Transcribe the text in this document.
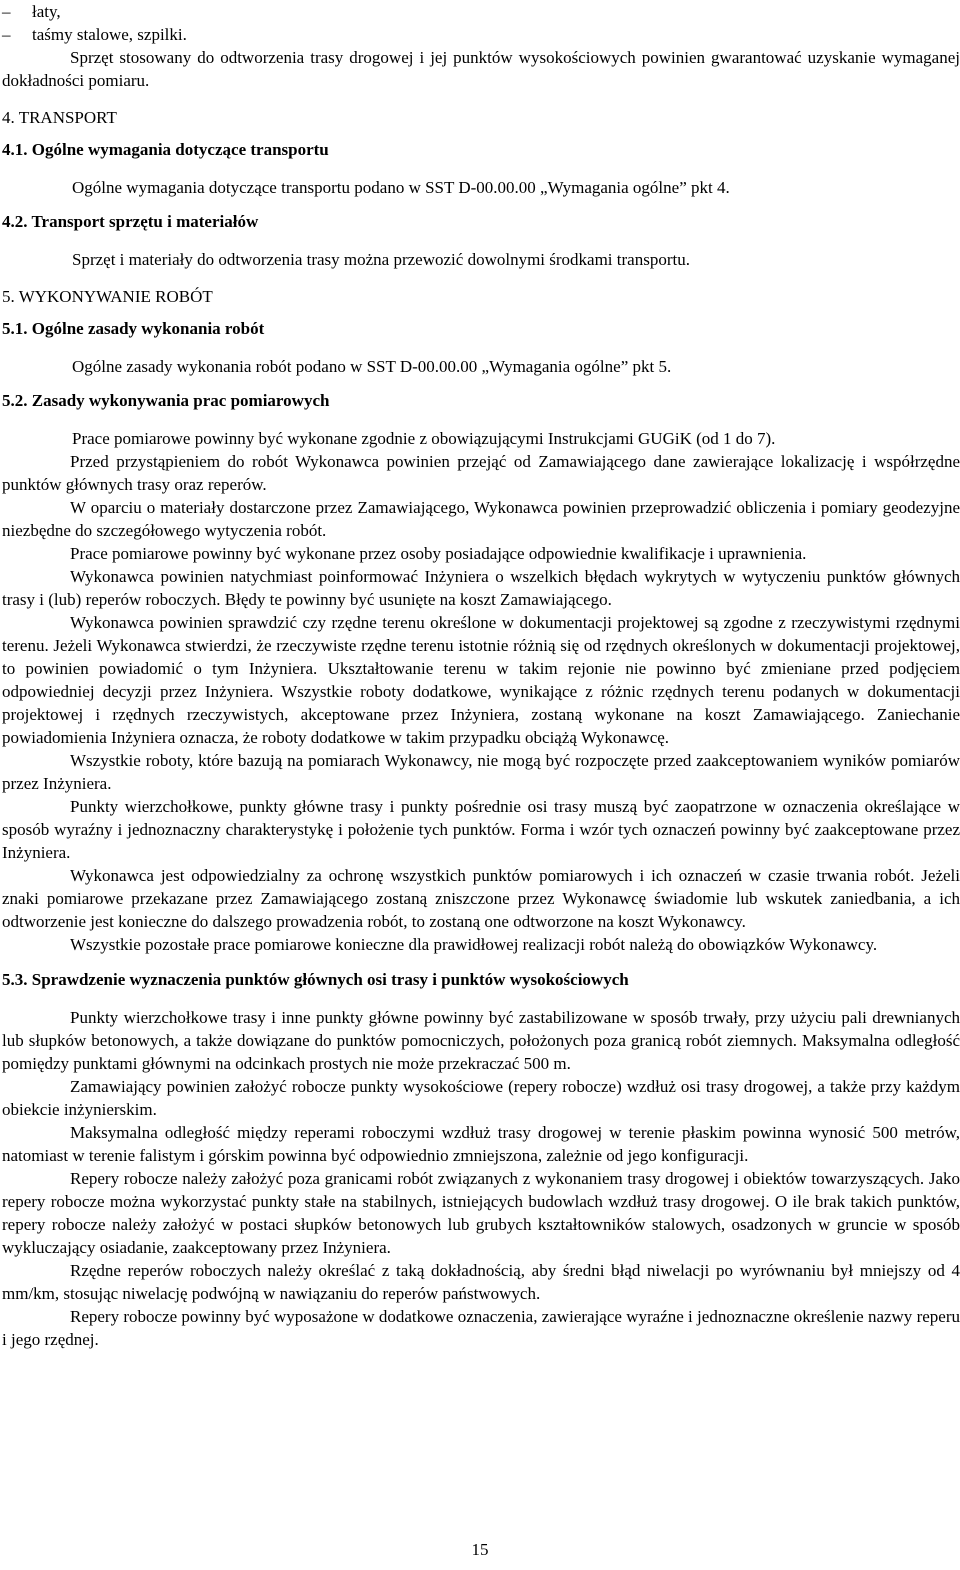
– łaty,
– taśmy stalowe, szpilki.

Sprzęt stosowany do odtworzenia trasy drogowej i jej punktów wysokościowych powinien gwarantować uzyskanie wymaganej dokładności pomiaru.

4. TRANSPORT
4.1. Ogólne wymagania dotyczące transportu
Ogólne wymagania dotyczące transportu podano w SST D-00.00.00 „Wymagania ogólne” pkt 4.
4.2. Transport sprzętu i materiałów
Sprzęt i materiały do odtworzenia trasy można przewozić dowolnymi środkami transportu.
5. WYKONYWANIE ROBÓT
5.1. Ogólne zasady wykonania robót
Ogólne zasady wykonania robót podano w SST D-00.00.00 „Wymagania ogólne” pkt 5.
5.2. Zasady wykonywania prac pomiarowych
Prace pomiarowe powinny być wykonane zgodnie z obowiązującymi Instrukcjami GUGiK (od 1 do 7).

Przed przystąpieniem do robót Wykonawca powinien przejąć od Zamawiającego dane zawierające lokalizację i współrzędne punktów głównych trasy oraz reperów.

W oparciu o materiały dostarczone przez Zamawiającego, Wykonawca powinien przeprowadzić obliczenia i pomiary geodezyjne niezbędne do szczegółowego wytyczenia robót.

Prace pomiarowe powinny być wykonane przez osoby posiadające odpowiednie kwalifikacje i uprawnienia.

Wykonawca powinien natychmiast poinformować Inżyniera o wszelkich błędach wykrytych w wytyczeniu punktów głównych trasy i (lub) reperów roboczych. Błędy te powinny być usunięte na koszt Zamawiającego.

Wykonawca powinien sprawdzić czy rzędne terenu określone w dokumentacji projektowej są zgodne z rzeczywistymi rzędnymi terenu. Jeżeli Wykonawca stwierdzi, że rzeczywiste rzędne terenu istotnie różnią się od rzędnych określonych w dokumentacji projektowej, to powinien powiadomić o tym Inżyniera. Ukształtowanie terenu w takim rejonie nie powinno być zmieniane przed podjęciem odpowiedniej decyzji przez Inżyniera. Wszystkie roboty dodatkowe, wynikające z różnic rzędnych terenu podanych w dokumentacji projektowej i rzędnych rzeczywistych, akceptowane przez Inżyniera, zostaną wykonane na koszt Zamawiającego. Zaniechanie powiadomienia Inżyniera oznacza, że roboty dodatkowe w takim przypadku obciążą Wykonawcę.

Wszystkie roboty, które bazują na pomiarach Wykonawcy, nie mogą być rozpoczęte przed zaakceptowaniem wyników pomiarów przez Inżyniera.

Punkty wierzchołkowe, punkty główne trasy i punkty pośrednie osi trasy muszą być zaopatrzone w oznaczenia określające w sposób wyraźny i jednoznaczny charakterystykę i położenie tych punktów. Forma i wzór tych oznaczeń powinny być zaakceptowane przez Inżyniera.

Wykonawca jest odpowiedzialny za ochronę wszystkich punktów pomiarowych i ich oznaczeń w czasie trwania robót. Jeżeli znaki pomiarowe przekazane przez Zamawiającego zostaną zniszczone przez Wykonawcę świadomie lub wskutek zaniedbania, a ich odtworzenie jest konieczne do dalszego prowadzenia robót, to zostaną one odtworzone na koszt Wykonawcy.

Wszystkie pozostałe prace pomiarowe konieczne dla prawidłowej realizacji robót należą do obowiązków Wykonawcy.

5.3. Sprawdzenie wyznaczenia punktów głównych osi trasy i punktów wysokościowych

Punkty wierzchołkowe trasy i inne punkty główne powinny być zastabilizowane w sposób trwały, przy użyciu pali drewnianych lub słupków betonowych, a także dowiązane do punktów pomocniczych, położonych poza granicą robót ziemnych. Maksymalna odległość pomiędzy punktami głównymi na odcinkach prostych nie może przekraczać 500 m.

Zamawiający powinien założyć robocze punkty wysokościowe (repery robocze) wzdłuż osi trasy drogowej, a także przy każdym obiekcie inżynierskim.

Maksymalna odległość między reperami roboczymi wzdłuż trasy drogowej w terenie płaskim powinna wynosić 500 metrów, natomiast w terenie falistym i górskim powinna być odpowiednio zmniejszona, zależnie od jego konfiguracji.

Repery robocze należy założyć poza granicami robót związanych z wykonaniem trasy drogowej i obiektów towarzyszących. Jako repery robocze można wykorzystać punkty stałe na stabilnych, istniejących budowlach wzdłuż trasy drogowej. O ile brak takich punktów, repery robocze należy założyć w postaci słupków betonowych lub grubych kształtowników stalowych, osadzonych w gruncie w sposób wykluczający osiadanie, zaakceptowany przez Inżyniera.

Rzędne reperów roboczych należy określać z taką dokładnością, aby średni błąd niwelacji po wyrównaniu był mniejszy od 4 mm/km, stosując niwelację podwójną w nawiązaniu do reperów państwowych.

Repery robocze powinny być wyposażone w dodatkowe oznaczenia, zawierające wyraźne i jednoznaczne określenie nazwy reperu i jego rzędnej.

15
